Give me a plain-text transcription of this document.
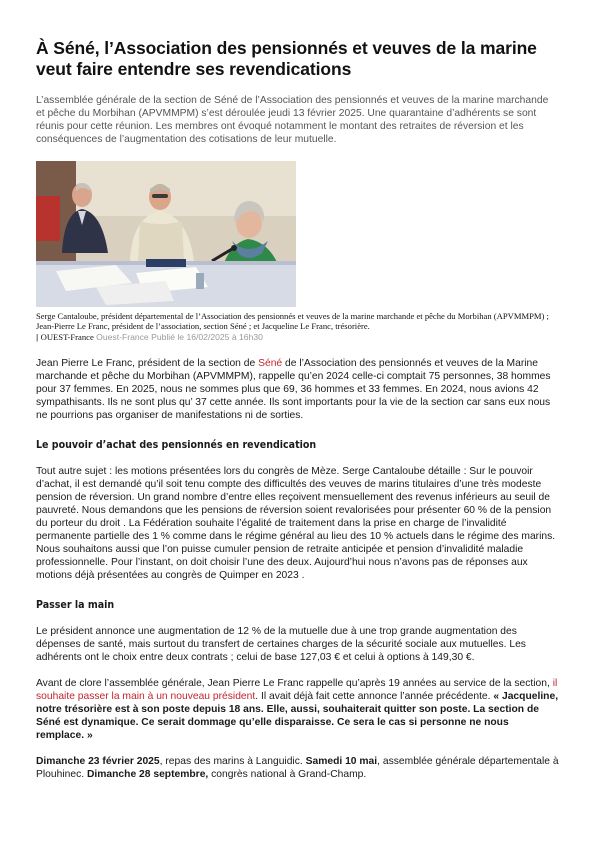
À Séné, l’Association des pensionnés et veuves de la marine veut faire entendre ses revendications

L’assemblée générale de la section de Séné de l’Association des pensionnés et veuves de la marine marchande et pêche du Morbihan (APVMMPM) s’est déroulée jeudi 13 février 2025. Une quarantaine d’adhérents se sont réunis pour cette réunion. Les membres ont évoqué notamment le montant des retraites de réversion et les conséquences de l’augmentation des cotisations de leur mutuelle.

Serge Cantaloube, président départemental de l’Association des pensionnés et veuves de la marine marchande et pêche du Morbihan (APVMMPM) ; Jean-Pierre Le Franc, président de l’association, section Séné ; et Jacqueline Le Franc, trésorière.

| OUEST-France Ouest-France Publié le 16/02/2025 à 16h30

Jean Pierre Le Franc, président de la section de Séné de l’Association des pensionnés et veuves de la Marine marchande et pêche du Morbihan (APVMMPM), rappelle qu’en 2024 celle-ci comptait 75 personnes, 38 hommes pour 37 femmes. En 2025, nous ne sommes plus que 69, 36 hommes et 33 femmes. En 2024, nous avions 42 sympathisants. Ils ne sont plus qu’ 37 cette année. Ils sont importants pour la vie de la section car sans eux nous ne pourrions pas organiser de manifestations ni de sorties.

Le pouvoir d’achat des pensionnés en revendication

Tout autre sujet : les motions présentées lors du congrès de Mèze. Serge Cantaloube détaille : Sur le pouvoir d’achat, il est demandé qu’il soit tenu compte des difficultés des veuves de marins titulaires d’une très modeste pension de réversion. Un grand nombre d’entre elles reçoivent mensuellement des revenus inférieurs au seuil de pauvreté. Nous demandons que les pensions de réversion soient revalorisées pour présenter 60 % de la pension du porteur du droit . La Fédération souhaite l’égalité de traitement dans la prise en charge de l’invalidité permanente partielle des 1 % comme dans le régime général au lieu des 10 % actuels dans le régime des marins. Nous souhaitons aussi que l’on puisse cumuler pension de retraite anticipée et pension d’invalidité maladie professionnelle. Pour l’instant, on doit choisir l’une des deux. Aujourd’hui nous n’avons pas de réponses aux motions déjà présentées au congrès de Quimper en 2023 .

Passer la main

Le président annonce une augmentation de 12 % de la mutuelle due à une trop grande augmentation des dépenses de santé, mais surtout du transfert de certaines charges de la sécurité sociale aux mutuelles. Les adhérents ont le choix entre deux contrats ; celui de base 127,03 € et celui à options à 149,30 €.

Avant de clore l’assemblée générale, Jean Pierre Le Franc rappelle qu’après 19 années au service de la section, il souhaite passer la main à un nouveau président. Il avait déjà fait cette annonce l’année précédente. « Jacqueline, notre trésorière est à son poste depuis 18 ans. Elle, aussi, souhaiterait quitter son poste. La section de Séné est dynamique. Ce serait dommage qu’elle disparaisse. Ce sera le cas si personne ne nous remplace. »

Dimanche 23 février 2025, repas des marins à Languidic. Samedi 10 mai, assemblée générale départementale à Plouhinec. Dimanche 28 septembre, congrès national à Grand-Champ.
